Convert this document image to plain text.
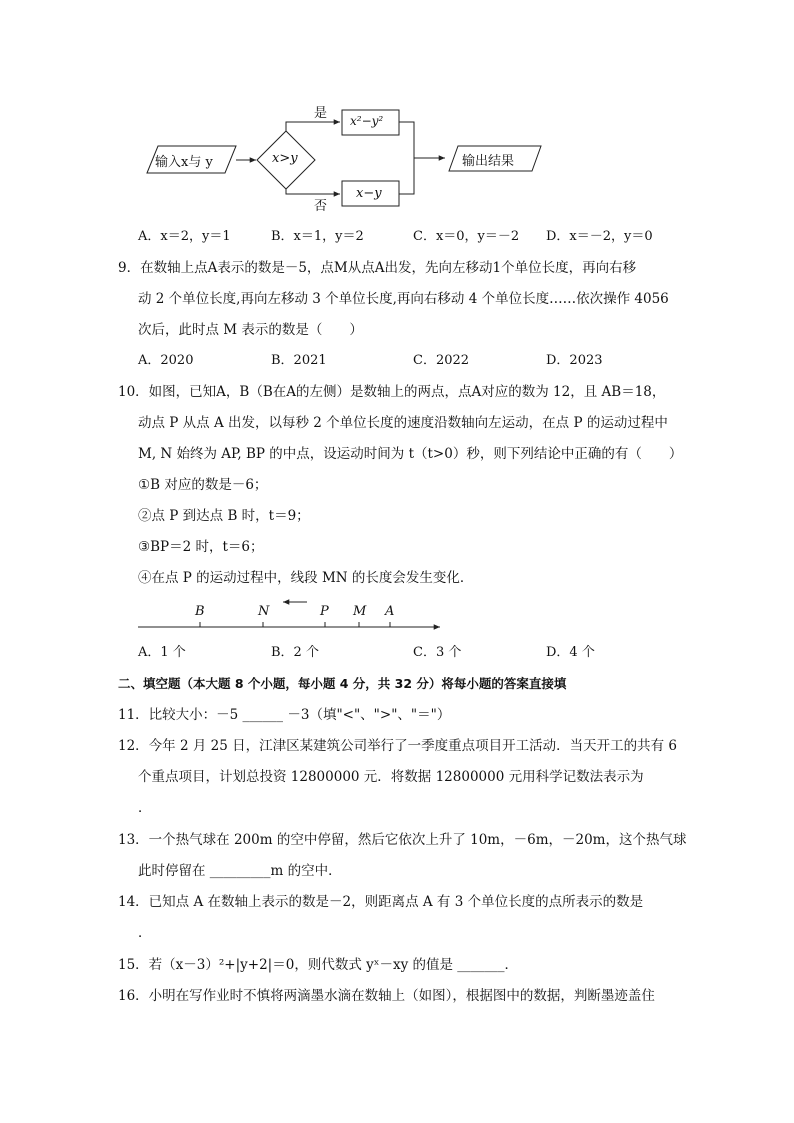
输入x与 y	x>y
是
否
x²−y²
x−y
输出结果
A．x＝2，y＝1	B．x＝1，y＝2	C．x＝0，y＝－2 D．x＝－2，y＝0
9．在数轴上点A表示的数是－5，点M从点A出发，先向左移动1个单位长度，再向右移
动 2 个单位长度,再向左移动 3 个单位长度,再向右移动 4 个单位长度……依次操作 4056
次后，此时点 M 表示的数是（　　）
A．2020	B．2021	C．2022	D．2023
10．如图，已知A，B（B在A的左侧）是数轴上的两点，点A对应的数为 12，且 AB＝18，
动点 P 从点 A 出发，以每秒 2 个单位长度的速度沿数轴向左运动，在点 P 的运动过程中
M, N 始终为 AP, BP 的中点，设运动时间为 t（t>0）秒，则下列结论中正确的有（　　）
①B 对应的数是－6；
②点 P 到达点 B 时，t＝9；
③BP＝2 时，t＝6；
④在点 P 的运动过程中，线段 MN 的长度会发生变化．
B	N	P M A
A．1 个	B．2 个	C．3 个	D．4 个
二、填空题（本大题 8 个小题，每小题 4 分，共 32 分）将每小题的答案直接填
11．比较大小：－5 ______ －3（填"<"、">"、"＝"）
12．今年 2 月 25 日，江津区某建筑公司举行了一季度重点项目开工活动．当天开工的共有 6
个重点项目，计划总投资 12800000 元．将数据 12800000 元用科学记数法表示为
．
13．一个热气球在 200m 的空中停留，然后它依次上升了 10m，－6m，－20m，这个热气球
此时停留在 _________m 的空中．
14．已知点 A 在数轴上表示的数是－2，则距离点 A 有 3 个单位长度的点所表示的数是
．
15．若（x－3）²+|y+2|＝0，则代数式 yˣ－xy 的值是 _______．
16．小明在写作业时不慎将两滴墨水滴在数轴上（如图），根据图中的数据，判断墨迹盖住
